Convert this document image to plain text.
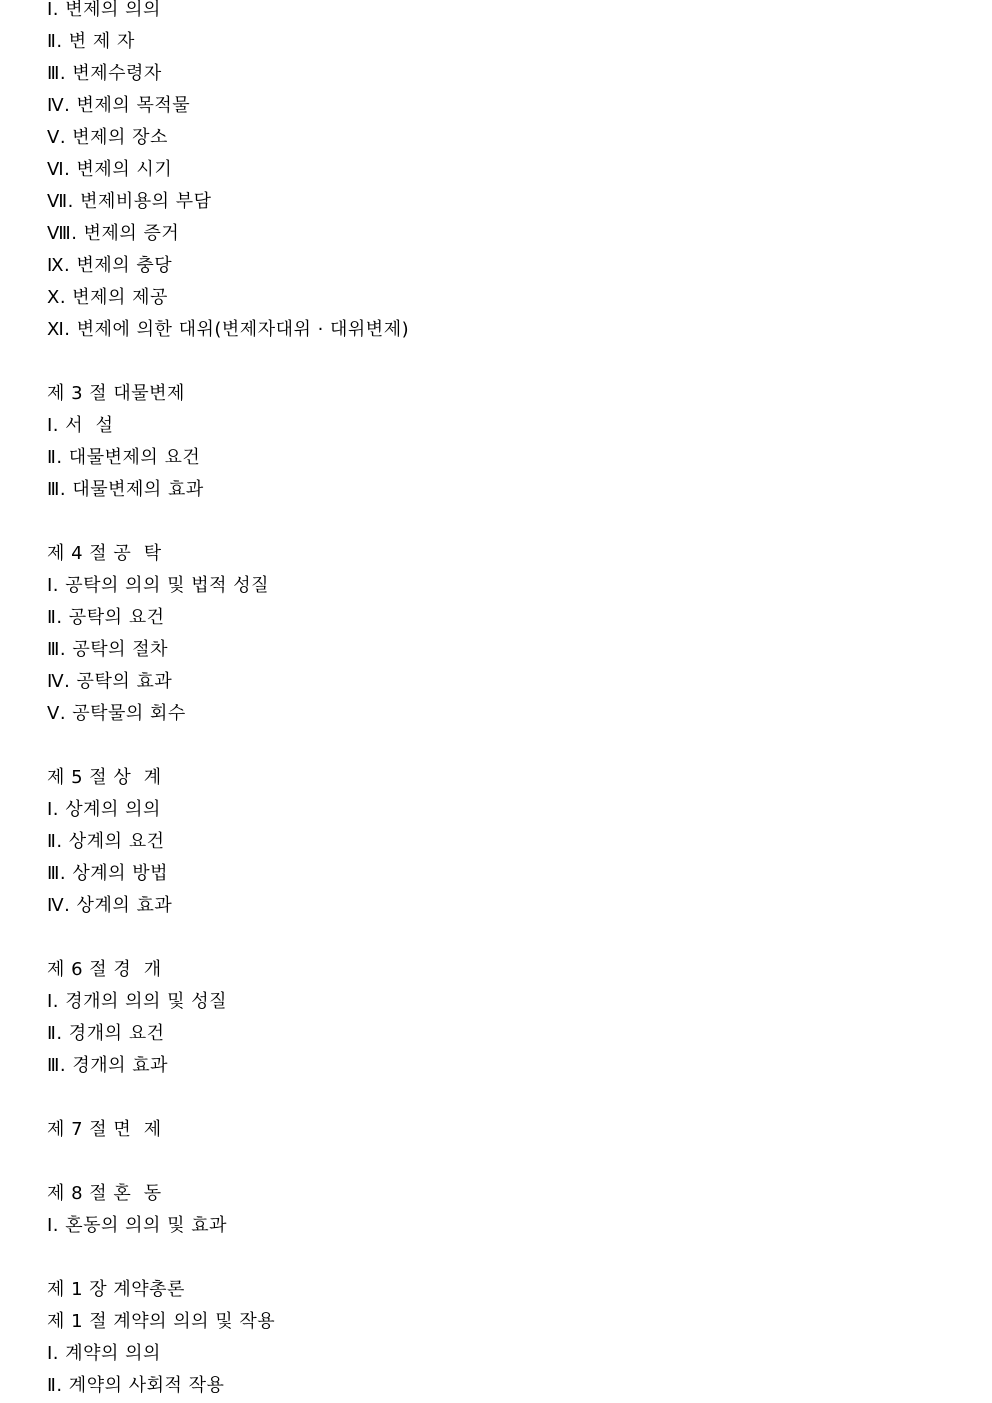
Ⅰ. 변제의 의의
Ⅱ. 변 제 자
Ⅲ. 변제수령자
Ⅳ. 변제의 목적물
Ⅴ. 변제의 장소
Ⅵ. 변제의 시기
Ⅶ. 변제비용의 부담
Ⅷ. 변제의 증거
Ⅸ. 변제의 충당
Ⅹ. 변제의 제공
Ⅺ. 변제에 의한 대위(변제자대위 · 대위변제)
제 3 절 대물변제
Ⅰ. 서  설
Ⅱ. 대물변제의 요건
Ⅲ. 대물변제의 효과
제 4 절 공  탁
Ⅰ. 공탁의 의의 및 법적 성질
Ⅱ. 공탁의 요건
Ⅲ. 공탁의 절차
Ⅳ. 공탁의 효과
Ⅴ. 공탁물의 회수
제 5 절 상  계
Ⅰ. 상계의 의의
Ⅱ. 상계의 요건
Ⅲ. 상계의 방법
Ⅳ. 상계의 효과
제 6 절 경  개
Ⅰ. 경개의 의의 및 성질
Ⅱ. 경개의 요건
Ⅲ. 경개의 효과
제 7 절 면  제
제 8 절 혼  동
Ⅰ. 혼동의 의의 및 효과
제 1 장 계약총론
제 1 절 계약의 의의 및 작용
Ⅰ. 계약의 의의
Ⅱ. 계약의 사회적 작용
